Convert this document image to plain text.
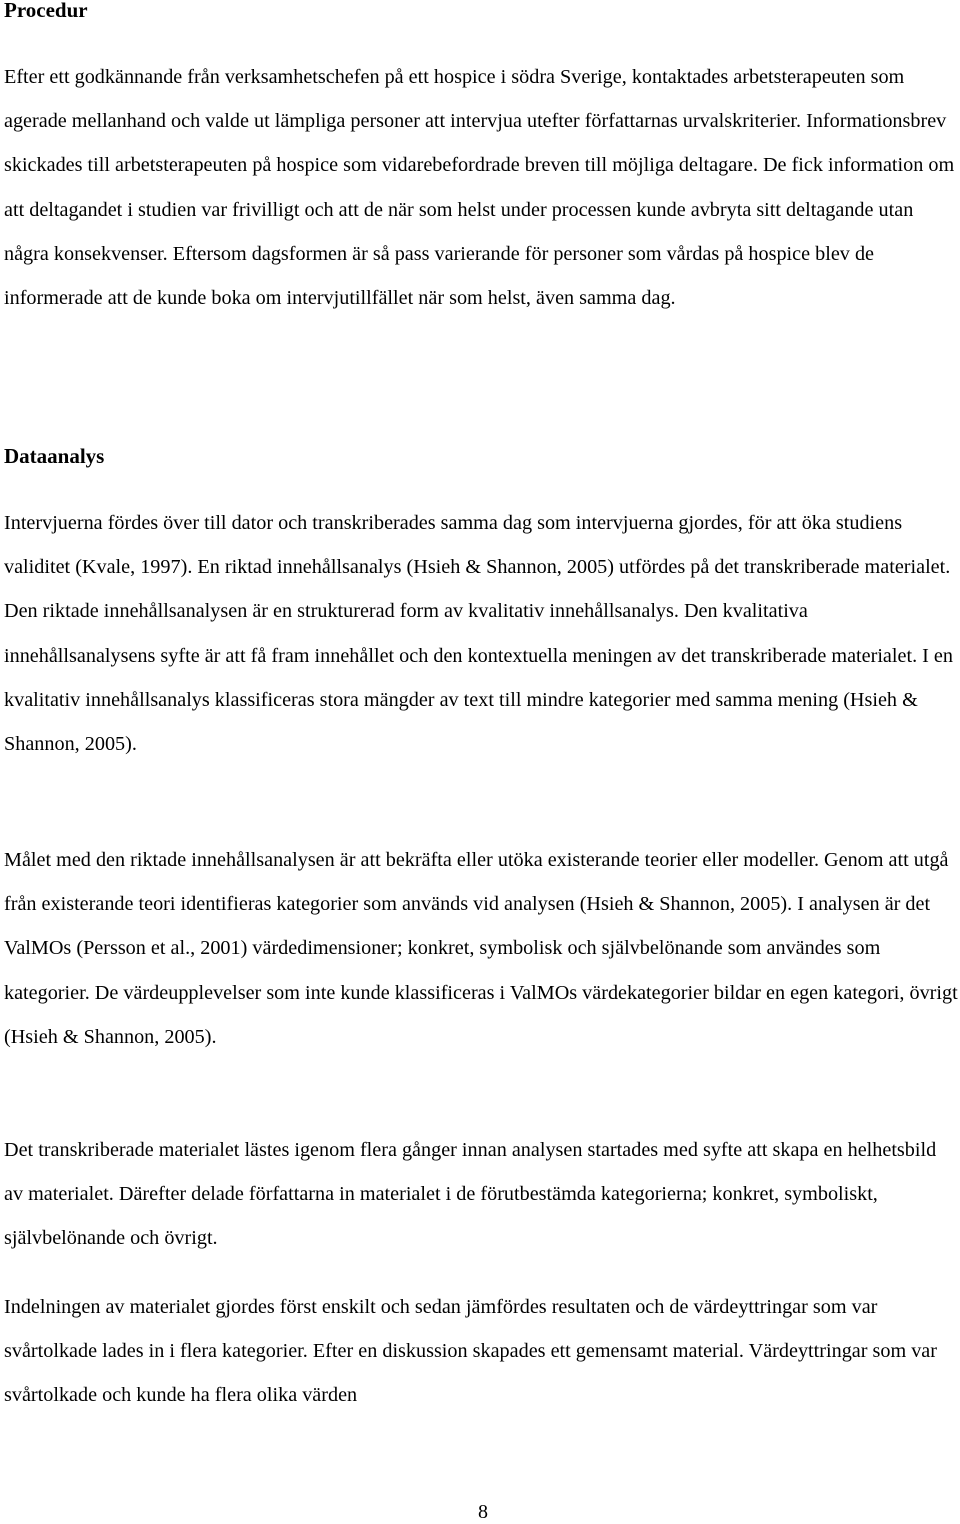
Procedur

Efter ett godkännande från verksamhetschefen på ett hospice i södra Sverige, kontaktades arbetsterapeuten som agerade mellanhand och valde ut lämpliga personer att intervjua utefter författarnas urvalskriterier. Informationsbrev skickades till arbetsterapeuten på hospice som vidarebefordrade breven till möjliga deltagare. De fick information om att deltagandet i studien var frivilligt och att de när som helst under processen kunde avbryta sitt deltagande utan några konsekvenser. Eftersom dagsformen är så pass varierande för personer som vårdas på hospice blev de informerade att de kunde boka om intervjutillfället när som helst, även samma dag.

Dataanalys

Intervjuerna fördes över till dator och transkriberades samma dag som intervjuerna gjordes, för att öka studiens validitet (Kvale, 1997). En riktad innehållsanalys (Hsieh & Shannon, 2005) utfördes på det transkriberade materialet. Den riktade innehållsanalysen är en strukturerad form av kvalitativ innehållsanalys. Den kvalitativa innehållsanalysens syfte är att få fram innehållet och den kontextuella meningen av det transkriberade materialet. I en kvalitativ innehållsanalys klassificeras stora mängder av text till mindre kategorier med samma mening (Hsieh & Shannon, 2005).

Målet med den riktade innehållsanalysen är att bekräfta eller utöka existerande teorier eller modeller. Genom att utgå från existerande teori identifieras kategorier som används vid analysen (Hsieh & Shannon, 2005). I analysen är det ValMOs (Persson et al., 2001) värdedimensioner; konkret, symbolisk och självbelönande som användes som kategorier. De värdeupplevelser som inte kunde klassificeras i ValMOs värdekategorier bildar en egen kategori, övrigt (Hsieh & Shannon, 2005).

Det transkriberade materialet lästes igenom flera gånger innan analysen startades med syfte att skapa en helhetsbild av materialet. Därefter delade författarna in materialet i de förutbestämda kategorierna; konkret, symboliskt, självbelönande och övrigt.

Indelningen av materialet gjordes först enskilt och sedan jämfördes resultaten och de värdeyttringar som var svårtolkade lades in i flera kategorier. Efter en diskussion skapades ett gemensamt material. Värdeyttringar som var svårtolkade och kunde ha flera olika värden

8
